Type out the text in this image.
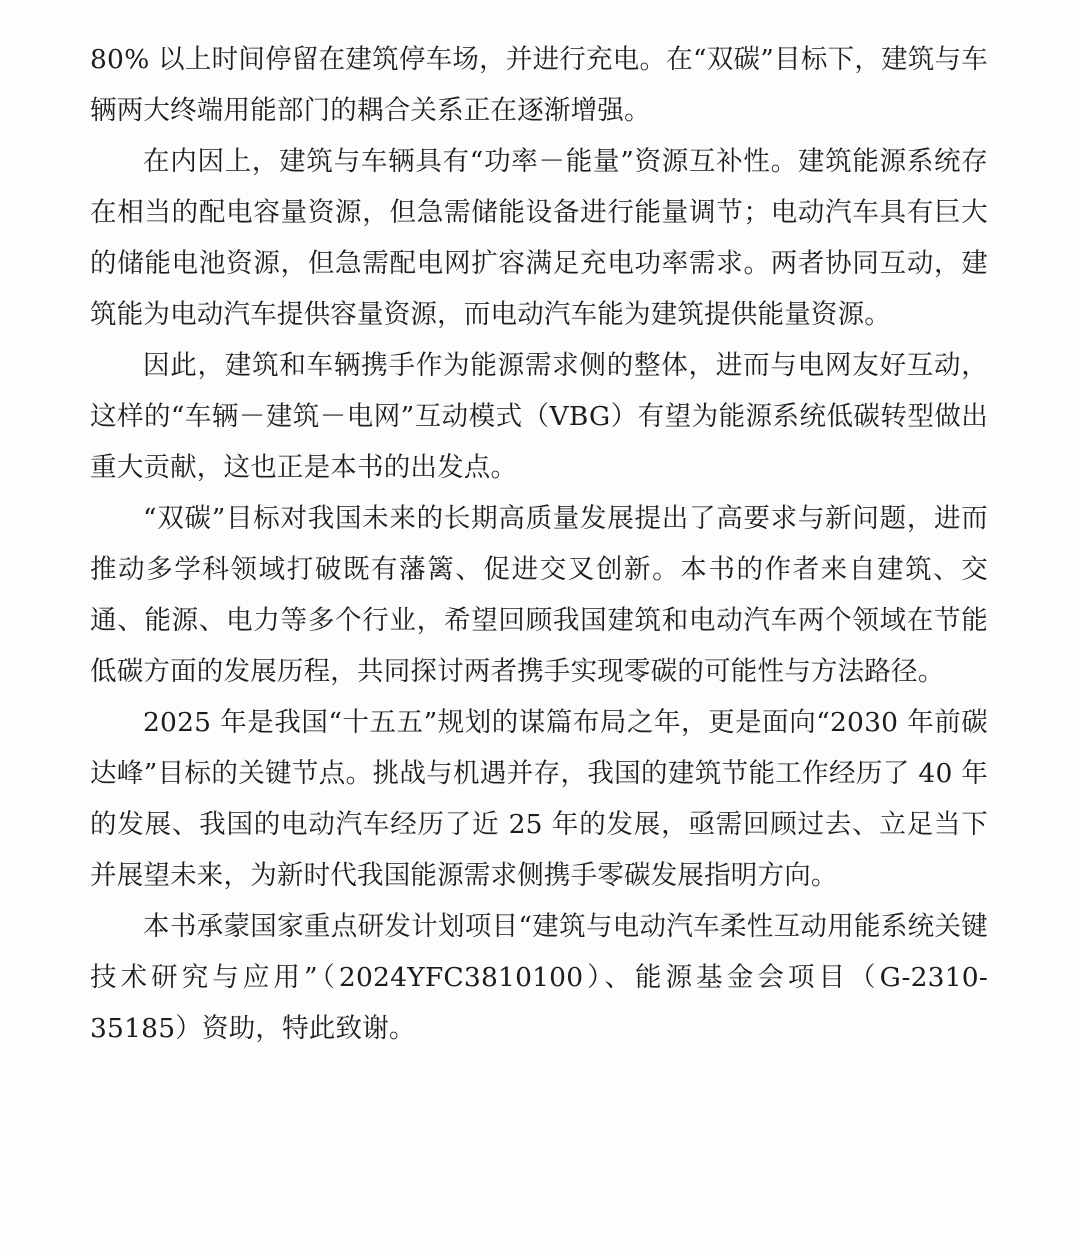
80% 以上时间停留在建筑停车场，并进行充电。在“双碳”目标下，建筑与车辆两大终端用能部门的耦合关系正在逐渐增强。

在内因上，建筑与车辆具有“功率－能量”资源互补性。建筑能源系统存在相当的配电容量资源，但急需储能设备进行能量调节；电动汽车具有巨大的储能电池资源，但急需配电网扩容满足充电功率需求。两者协同互动，建筑能为电动汽车提供容量资源，而电动汽车能为建筑提供能量资源。

因此，建筑和车辆携手作为能源需求侧的整体，进而与电网友好互动，这样的“车辆－建筑－电网”互动模式（VBG）有望为能源系统低碳转型做出重大贡献，这也正是本书的出发点。

“双碳”目标对我国未来的长期高质量发展提出了高要求与新问题，进而推动多学科领域打破既有藩篱、促进交叉创新。本书的作者来自建筑、交通、能源、电力等多个行业，希望回顾我国建筑和电动汽车两个领域在节能低碳方面的发展历程，共同探讨两者携手实现零碳的可能性与方法路径。

2025 年是我国“十五五”规划的谋篇布局之年，更是面向“2030 年前碳达峰”目标的关键节点。挑战与机遇并存，我国的建筑节能工作经历了 40 年的发展、我国的电动汽车经历了近 25 年的发展，亟需回顾过去、立足当下并展望未来，为新时代我国能源需求侧携手零碳发展指明方向。

本书承蒙国家重点研发计划项目“建筑与电动汽车柔性互动用能系统关键技术研究与应用”（2024YFC3810100）、能源基金会项目（G-2310-35185）资助，特此致谢。
